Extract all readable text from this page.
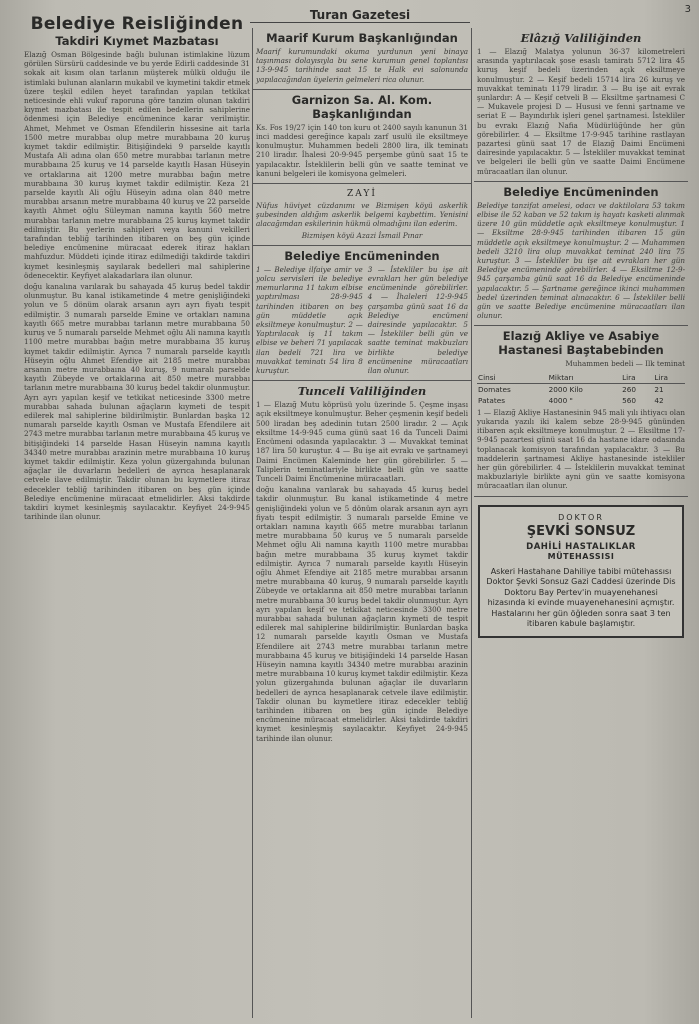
Turan Gazetesi	3
Belediye Reisliğinden
Takdiri Kıymet Mazbatası

Elazığ Osman Bölgesinde bağlı bulunan istimlakine lüzum görülen Sürsürü caddesinde ve bu yerde Edirli caddesinde 31 sokak ait kısım olan tarlanın müşterek mülkü olduğu ile istimlaki bulunan alanların mukabil ve kıymetini takdir etmek üzere teşkil edilen heyet tarafından yapılan tetkikat neticesinde ehli vukuf raporuna göre tanzim olunan takdiri kıymet mazbatası ile tespit edilen bedellerin sahiplerine ödenmesi için Belediye encümenince karar verilmiştir. Ahmet, Mehmet ve Osman Efendilerin hissesine ait tarla 1500 metre murabbaı olup metre murabbaına 20 kuruş kıymet takdir edilmiştir. Bitişiğindeki 9 parselde kayıtlı Mustafa Ali adına olan 650 metre murabbaı tarlanın metre murabbaına 25 kuruş ve 14 parselde kayıtlı Hasan Hüseyin ve ortaklarına ait 1200 metre murabbaı bağın metre murabbaına 30 kuruş kıymet takdir edilmiştir. Keza 21 parselde kayıtlı Ali oğlu Hüseyin adına olan 840 metre murabbaı arsanın metre murabbaına 40 kuruş ve 22 parselde kayıtlı Ahmet oğlu Süleyman namına kayıtlı 560 metre murabbaı tarlanın metre murabbaına 25 kuruş kıymet takdir edilmiştir. Bu yerlerin sahipleri veya kanuni vekilleri tarafından tebliğ tarihinden itibaren on beş gün içinde belediye encümenine müracaat ederek itiraz hakları mahfuzdur. Müddeti içinde itiraz edilmediği takdirde takdiri kıymet kesinleşmiş sayılarak bedelleri mal sahiplerine ödenecektir. Keyfiyet alakadarlara ilan olunur.

doğu kanalına varılarak bu sahayada 45 kuruş bedel takdir olunmuştur. Bu kanal istikametinde 4 metre genişliğindeki yolun ve 5 dönüm olarak arsanın ayrı ayrı fiyatı tespit edilmiştir. 3 numaralı parselde Emine ve ortakları namına kayıtlı 665 metre murabbaı tarlanın metre murabbaına 50 kuruş ve 5 numaralı parselde Mehmet oğlu Ali namına kayıtlı 1100 metre murabbaı bağın metre murabbaına 35 kuruş kıymet takdir edilmiştir. Ayrıca 7 numaralı parselde kayıtlı Hüseyin oğlu Ahmet Efendiye ait 2185 metre murabbaı arsanın metre murabbaına 40 kuruş, 9 numaralı parselde kayıtlı Zübeyde ve ortaklarına ait 850 metre murabbaı tarlanın metre murabbaına 30 kuruş bedel takdir olunmuştur. Ayrı ayrı yapılan keşif ve tetkikat neticesinde 3300 metre murabbaı sahada bulunan ağaçların kıymeti de tespit edilerek mal sahiplerine bildirilmiştir. Bunlardan başka 12 numaralı parselde kayıtlı Osman ve Mustafa Efendilere ait 2743 metre murabbaı tarlanın metre murabbaına 45 kuruş ve bitişiğindeki 14 parselde Hasan Hüseyin namına kayıtlı 34340 metre murabbaı arazinin metre murabbaına 10 kuruş kıymet takdir edilmiştir. Keza yolun güzergahında bulunan ağaçlar ile duvarların bedelleri de ayrıca hesaplanarak cetvele ilave edilmiştir. Takdir olunan bu kıymetlere itiraz edecekler tebliğ tarihinden itibaren on beş gün içinde Belediye encümenine müracaat etmelidirler. Aksi takdirde takdiri kıymet kesinleşmiş sayılacaktır. Keyfiyet 24-9-945 tarihinde ilan olunur.

Maarif Kurum Başkanlığından

Maarif kurumundaki okuma yurdunun yeni binaya taşınması dolayısıyla bu sene kurumun genel toplantısı 13-9-945 tarihinde saat 15 te Halk evi salonunda yapılacağından üyelerin gelmeleri rica olunur.

Garnizon Sa. Al. Kom. Başkanlığından

Ks. Fos 19/27 için 140 ton kuru ot 2400 sayılı kanunun 31 inci maddesi gereğince kapalı zarf usulü ile eksiltmeye konulmuştur. Muhammen bedeli 2800 lira, ilk teminatı 210 liradır. İhalesi 20-9-945 perşembe günü saat 15 te yapılacaktır. İsteklilerin belli gün ve saatte teminat ve kanuni belgeleri ile komisyona gelmeleri.

ZAYİ

Nüfus hüviyet cüzdanımı ve Bizmişen köyü askerlik şubesinden aldığım askerlik belgemi kaybettim. Yenisini alacağımdan eskilerinin hükmü olmadığını ilan ederim.

Bizmişen köyü Azazi İsmail Pınar

Belediye Encümeninden

1 — Belediye ilfaiye amir ve yolcu servisleri ile belediye memurlarına 11 takım elbise yaptırılması 28-9-945 tarihinden itibaren on beş gün müddetle açık eksiltmeye konulmuştur. 2 — Yaptırılacak iş 11 takım elbise ve beheri 71 yapılacak ilan bedeli 721 lira ve muvakkat teminatı 54 lira 8 kuruştur.

3 — İstekliler bu işe ait evrakları her gün belediye encümeninde görebilirler. 4 — İhaleleri 12-9-945 çarşamba günü saat 16 da Belediye encümeni dairesinde yapılacaktır. 5 — İstekliler belli gün ve saatte teminat makbuzları birlikte belediye encümenine müracaatları ilan olunur.

Tunceli Valiliğinden

1 — Elazığ Mutu köprüsü yolu üzerinde 5. Çeşme inşası açık eksiltmeye konulmuştur. Beher çeşmenin keşif bedeli 500 liradan beş adedinin tutarı 2500 liradır. 2 — Açık eksiltme 14-9-945 cuma günü saat 16 da Tunceli Daimi Encümeni odasında yapılacaktır. 3 — Muvakkat teminat 187 lira 50 kuruştur. 4 — Bu işe ait evrakı ve şartnameyi Daimi Encümen Kaleminde her gün görebilirler. 5 — Taliplerin teminatlariyle birlikte belli gün ve saatte Tunceli Daimi Encümenine müracaatları.

doğu kanalına varılarak bu sahayada 45 kuruş bedel takdir olunmuştur. Bu kanal istikametinde 4 metre genişliğindeki yolun ve 5 dönüm olarak arsanın ayrı ayrı fiyatı tespit edilmiştir. 3 numaralı parselde Emine ve ortakları namına kayıtlı 665 metre murabbaı tarlanın metre murabbaına 50 kuruş ve 5 numaralı parselde Mehmet oğlu Ali namına kayıtlı 1100 metre murabbaı bağın metre murabbaına 35 kuruş kıymet takdir edilmiştir. Ayrıca 7 numaralı parselde kayıtlı Hüseyin oğlu Ahmet Efendiye ait 2185 metre murabbaı arsanın metre murabbaına 40 kuruş, 9 numaralı parselde kayıtlı Zübeyde ve ortaklarına ait 850 metre murabbaı tarlanın metre murabbaına 30 kuruş bedel takdir olunmuştur. Ayrı ayrı yapılan keşif ve tetkikat neticesinde 3300 metre murabbaı sahada bulunan ağaçların kıymeti de tespit edilerek mal sahiplerine bildirilmiştir. Bunlardan başka 12 numaralı parselde kayıtlı Osman ve Mustafa Efendilere ait 2743 metre murabbaı tarlanın metre murabbaına 45 kuruş ve bitişiğindeki 14 parselde Hasan Hüseyin namına kayıtlı 34340 metre murabbaı arazinin metre murabbaına 10 kuruş kıymet takdir edilmiştir. Keza yolun güzergahında bulunan ağaçlar ile duvarların bedelleri de ayrıca hesaplanarak cetvele ilave edilmiştir. Takdir olunan bu kıymetlere itiraz edecekler tebliğ tarihinden itibaren on beş gün içinde Belediye encümenine müracaat etmelidirler. Aksi takdirde takdiri kıymet kesinleşmiş sayılacaktır. Keyfiyet 24-9-945 tarihinde ilan olunur.

Elâzığ Valiliğinden

1 — Elazığ Malatya yolunun 36-37 kilometreleri arasında yaptırılacak şose esaslı tamiratı 5712 lira 45 kuruş keşif bedeli üzerinden açık eksiltmeye konulmuştur. 2 — Keşif bedeli 15714 lira 26 kuruş ve muvakkat teminatı 1179 liradır. 3 — Bu işe ait evrak şunlardır: A — Keşif cetveli B — Eksiltme şartnamesi C — Mukavele projesi D — Hususi ve fenni şartname ve seriat E — Bayındırlık işleri genel şartnamesi. İstekliler bu evrakı Elazığ Nafia Müdürlüğünde her gün görebilirler. 4 — Eksiltme 17-9-945 tarihine rastlayan pazartesi günü saat 17 de Elazığ Daimi Encümeni dairesinde yapılacaktır. 5 — İstekliler muvakkat teminat ve belgeleri ile belli gün ve saatte Daimi Encümene müracaatları ilan olunur.

Belediye Encümeninden

Belediye tanzifat amelesi, odacı ve daktilolara 53 takım elbise ile 52 kaban ve 52 takım iş hayatı kasketi alınmak üzere 10 gün müddetle açık eksiltmeye konulmuştur. 1 — Eksiltme 28-9-945 tarihinden itibaren 15 gün müddetle açık eksiltmeye konulmuştur. 2 — Muhammen bedeli 3210 lira olup muvakkat teminat 240 lira 75 kuruştur. 3 — İstekliler bu işe ait evrakları her gün Belediye encümeninde görebilirler. 4 — Eksiltme 12-9-945 çarşamba günü saat 16 da Belediye encümeninde yapılacaktır. 5 — Şartname gereğince ikinci muhammen bedel üzerinden teminat alınacaktır. 6 — İstekliler belli gün ve saatte Belediye encümenine müracaatları ilan olunur.

Elazığ Akliye ve Asabiye Hastanesi Baştabebinden
Muhammen bedeli — Ilk teminat
Cinsi	Miktarı	Lira	Lira
Domates	2000 Kilo	260	21
Patates	4000 "	560	42

1 — Elazığ Akliye Hastanesinin 945 mali yılı ihtiyacı olan yukarıda yazılı iki kalem sebze 28-9-945 gününden itibaren açık eksiltmeye konulmuştur. 2 — Eksiltme 17-9-945 pazartesi günü saat 16 da hastane idare odasında toplanacak komisyon tarafından yapılacaktır. 3 — Bu maddelerin şartnamesi Akliye hastanesinde istekliler her gün görebilirler. 4 — İsteklilerin muvakkat teminat makbuzlariyle birlikte ayni gün ve saatte komisyona müracaatları ilan olunur.

DOKTOR
ŞEVKİ SONSUZ
DAHİLİ HASTALIKLAR
MÜTEHASSISI
Askeri Hastahane Dahiliye tabibi mütehassısı Doktor Şevki Sonsuz Gazi Caddesi üzerinde Dis Doktoru Bay Pertev'in muayenehanesi hizasında ki evinde muayenehanesini açmıştır. Hastalarını her gün öğleden sonra saat 3 ten itibaren kabule başlamıştır.
